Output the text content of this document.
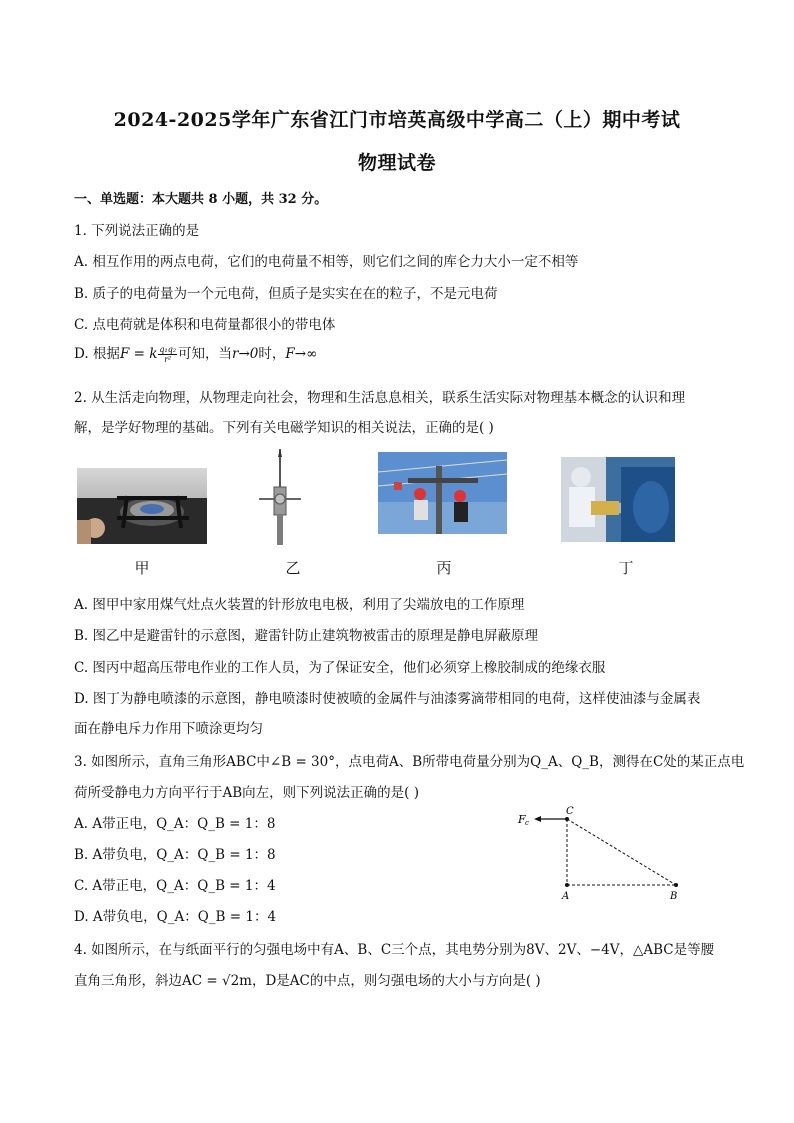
2024-2025学年广东省江门市培英高级中学高二（上）期中考试
物理试卷
一、单选题：本大题共 8 小题，共 32 分。
1. 下列说法正确的是
A. 相互作用的两点电荷，它们的电荷量不相等，则它们之间的库仑力大小一定不相等
B. 质子的电荷量为一个元电荷，但质子是实实在在的粒子，不是元电荷
C. 点电荷就是体积和电荷量都很小的带电体
D. 根据F = k $\frac{\text{q₁q₂}}{\text{r²}}$ 可知，当r→0时，F→∞
2. 从生活走向物理，从物理走向社会，物理和生活息息相关，联系生活实际对物理基本概念的认识和理
解，是学好物理的基础。下列有关电磁学知识的相关说法，正确的是( )
甲	乙	丙	丁
A. 图甲中家用煤气灶点火装置的针形放电电极，利用了尖端放电的工作原理
B. 图乙中是避雷针的示意图，避雷针防止建筑物被雷击的原理是静电屏蔽原理
C. 图丙中超高压带电作业的工作人员，为了保证安全，他们必须穿上橡胶制成的绝缘衣服
D. 图丁为静电喷漆的示意图，静电喷漆时使被喷的金属件与油漆雾滴带相同的电荷，这样使油漆与金属表
面在静电斥力作用下喷涂更均匀
3. 如图所示，直角三角形ABC中∠B = 30°，点电荷A、B所带电荷量分别为Q_A、Q_B，测得在C处的某正点电
荷所受静电力方向平行于AB向左，则下列说法正确的是( )
A. A带正电，Q_A：Q_B = 1：8
B. A带负电，Q_A：Q_B = 1：8
C. A带正电，Q_A：Q_B = 1：4
D. A带负电，Q_A：Q_B = 1：4
F c
C
A	B
4. 如图所示，在与纸面平行的匀强电场中有A、B、C三个点，其电势分别为8V、2V、−4V，△ABC是等腰
直角三角形，斜边AC = √2m，D是AC的中点，则匀强电场的大小与方向是( )
